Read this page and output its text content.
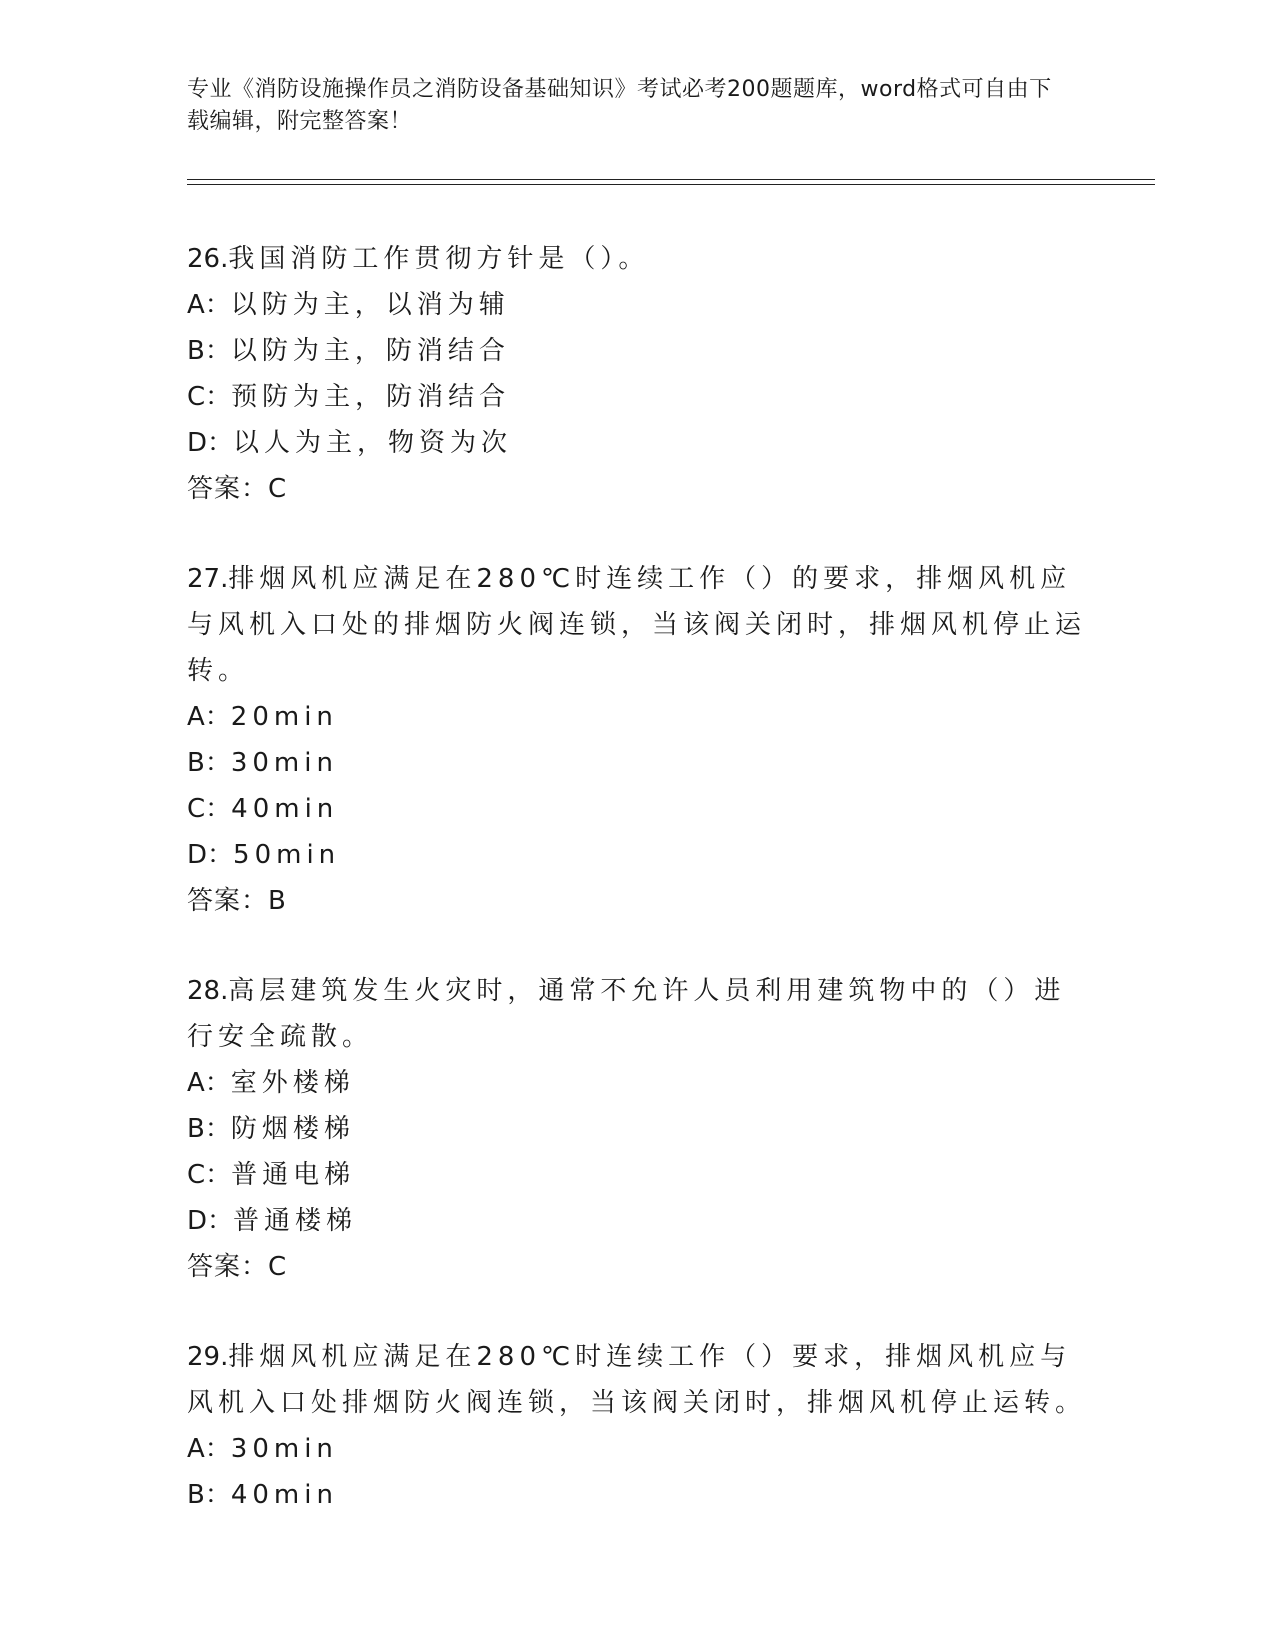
专业《消防设施操作员之消防设备基础知识》考试必考200题题库，word格式可自由下载编辑，附完整答案！

26.我国消防工作贯彻方针是（）。

A：以防为主，以消为辅

B：以防为主，防消结合

C：预防为主，防消结合

D：以人为主，物资为次

答案：C

27.排烟风机应满足在280℃时连续工作（）的要求，排烟风机应与风机入口处的排烟防火阀连锁，当该阀关闭时，排烟风机停止运转。

A：20min

B：30min

C：40min

D：50min

答案：B

28.高层建筑发生火灾时，通常不允许人员利用建筑物中的（）进行安全疏散。

A：室外楼梯

B：防烟楼梯

C：普通电梯

D：普通楼梯

答案：C

29.排烟风机应满足在280℃时连续工作（）要求，排烟风机应与风机入口处排烟防火阀连锁，当该阀关闭时，排烟风机停止运转。

A：30min

B：40min
